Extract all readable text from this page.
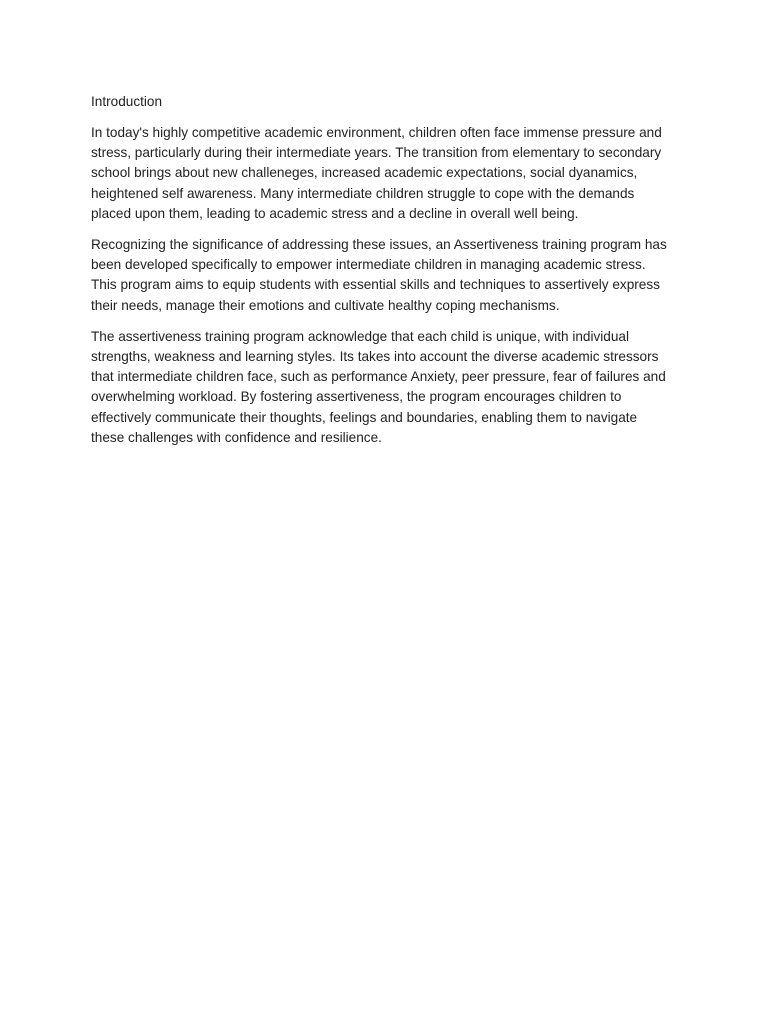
Introduction

In today's highly competitive academic environment, children often face immense pressure and
stress, particularly during their intermediate years. The transition from elementary to secondary
school brings about new challeneges, increased academic expectations, social dyanamics,
heightened self awareness. Many intermediate children struggle to cope with the demands
placed upon them, leading to academic stress and a decline in overall well being.

Recognizing the significance of addressing these issues, an Assertiveness training program has
been developed specifically to empower intermediate children in managing academic stress.
This program aims to equip students with essential skills and techniques to assertively express
their needs, manage their emotions and cultivate healthy coping mechanisms.

The assertiveness training program acknowledge that each child is unique, with individual
strengths, weakness and learning styles. Its takes into account the diverse academic stressors
that intermediate children face, such as performance Anxiety, peer pressure, fear of failures and
overwhelming workload. By fostering assertiveness, the program encourages children to
effectively communicate their thoughts, feelings and boundaries, enabling them to navigate
these challenges with confidence and resilience.
